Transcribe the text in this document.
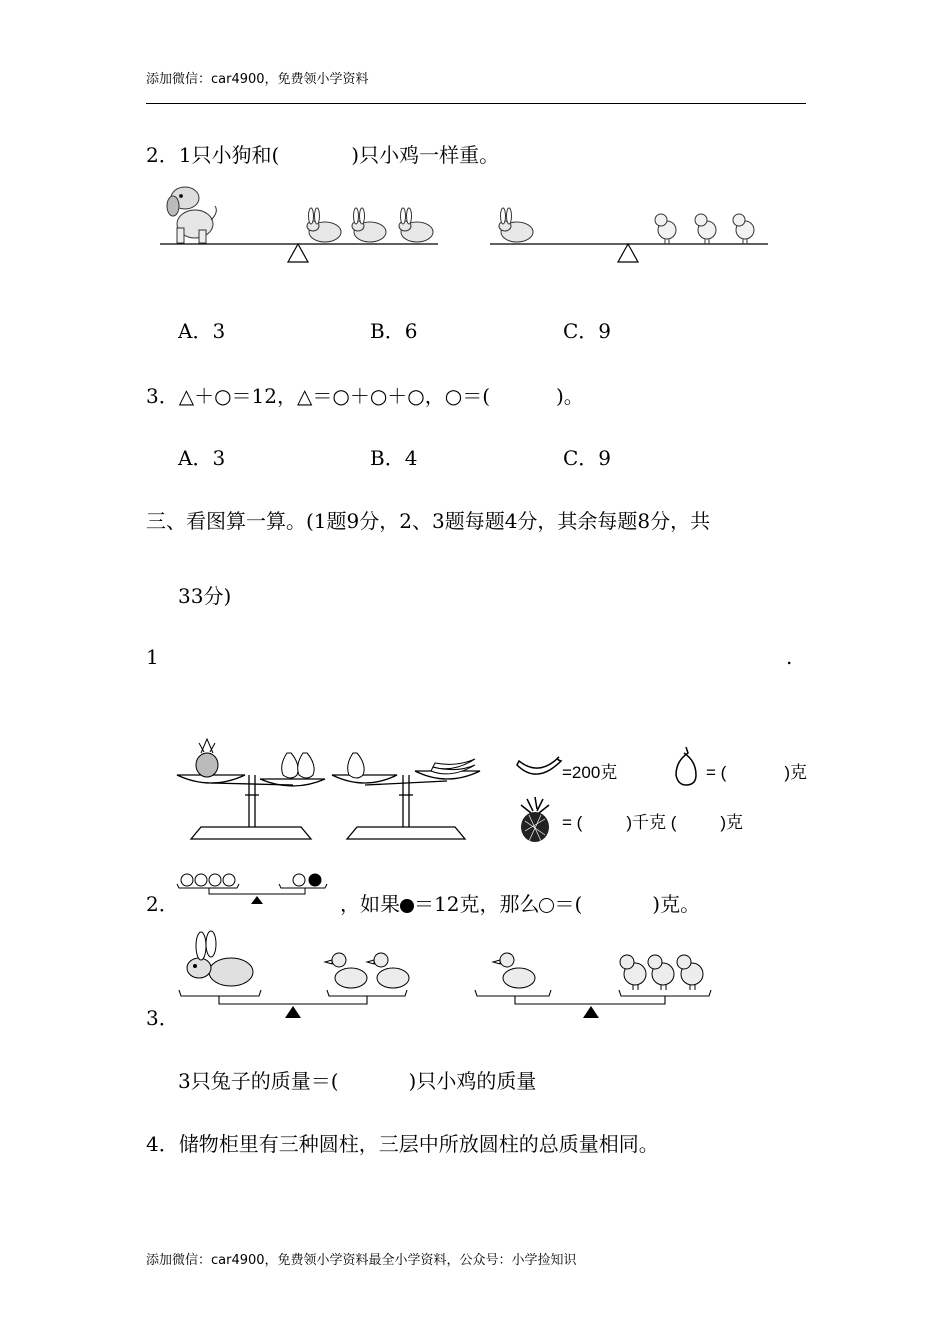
添加微信：car4900，免费领小学资料
2．1只小狗和(	)只小鸡一样重。
A．3	B．6	C．9
3．△＋○＝12，△＝○＋○＋○，○＝(	)。
A．3	B．4	C．9
三、看图算一算。(1题9分，2、3题每题4分，其余每题8分，共
33分)
1	.
=200克	= (	)克
= (	)千克 (	)克
2．	，如果 ＝12克，那么 ＝(	)克。
3．
3只兔子的质量＝(	)只小鸡的质量
4．储物柜里有三种圆柱，三层中所放圆柱的总质量相同。
添加微信：car4900，免费领小学资料最全小学资料，公众号：小学捡知识
